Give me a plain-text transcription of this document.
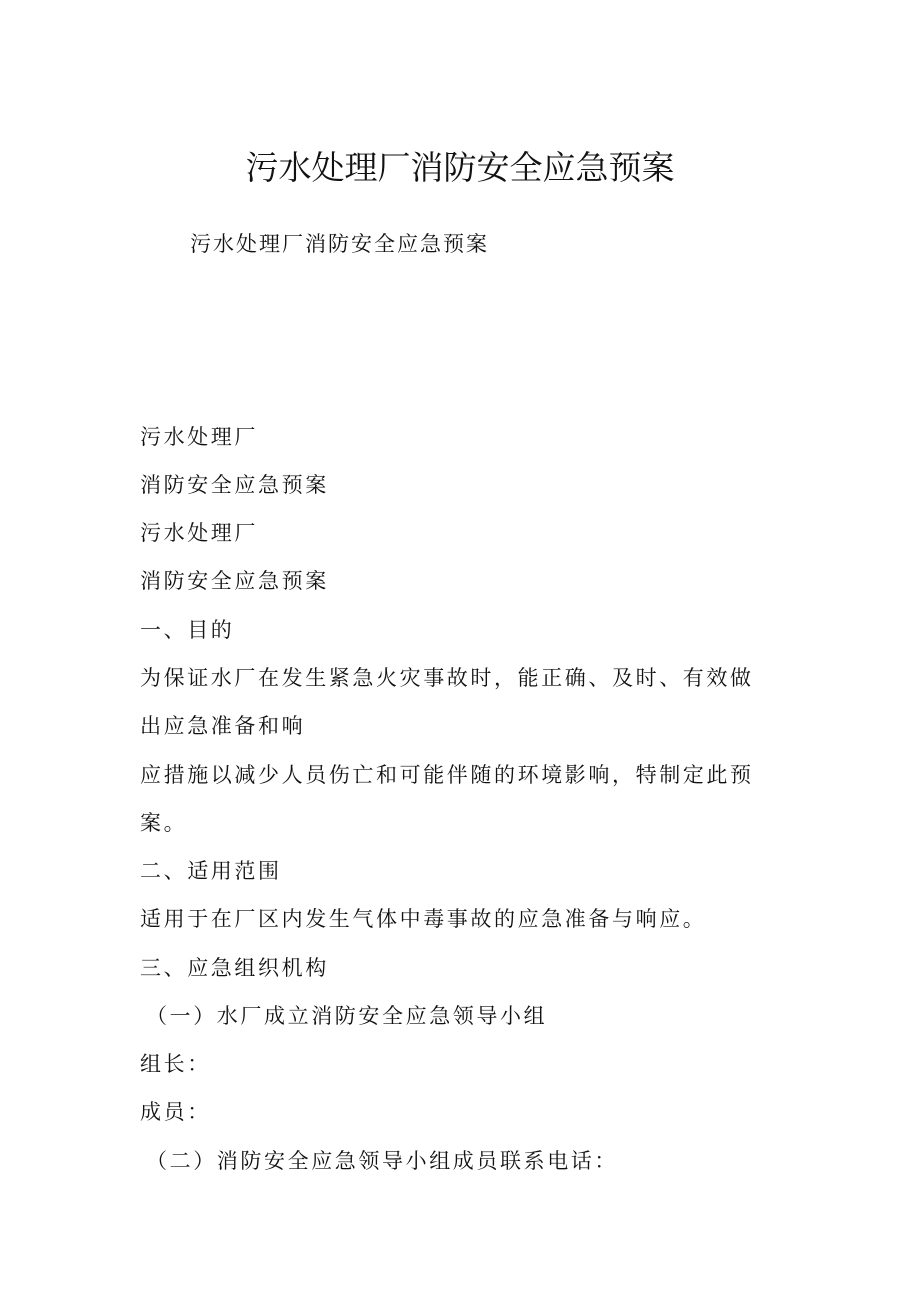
污水处理厂消防安全应急预案
污水处理厂消防安全应急预案
污水处理厂
消防安全应急预案
污水处理厂
消防安全应急预案
一、目的
为保证水厂在发生紧急火灾事故时，能正确、及时、有效做
出应急准备和响
应措施以减少人员伤亡和可能伴随的环境影响，特制定此预
案。
二、适用范围
适用于在厂区内发生气体中毒事故的应急准备与响应。
三、应急组织机构
（一）水厂成立消防安全应急领导小组
组长：
成员：
（二）消防安全应急领导小组成员联系电话：
